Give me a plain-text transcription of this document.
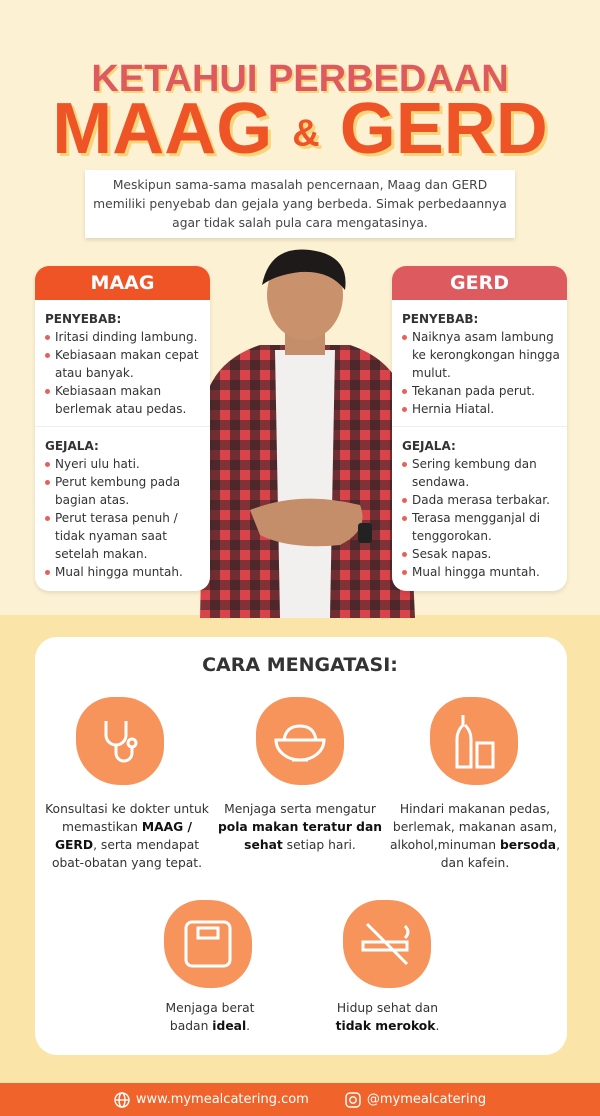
KETAHUI PERBEDAAN
MAAG & GERD
Meskipun sama-sama masalah pencernaan, Maag dan GERD memiliki penyebab dan gejala yang berbeda. Simak perbedaannya agar tidak salah pula cara mengatasinya.
MAAG
PENYEBAB:
Iritasi dinding lambung.
Kebiasaan makan cepat atau banyak.
Kebiasaan makan berlemak atau pedas.
GEJALA:
Nyeri ulu hati.
Perut kembung pada bagian atas.
Perut terasa penuh / tidak nyaman saat setelah makan.
Mual hingga muntah.
GERD
PENYEBAB:
Naiknya asam lambung ke kerongkongan hingga mulut.
Tekanan pada perut.
Hernia Hiatal.
GEJALA:
Sering kembung dan sendawa.
Dada merasa terbakar.
Terasa mengganjal di tenggorokan.
Sesak napas.
Mual hingga muntah.
CARA MENGATASI:
Konsultasi ke dokter untuk memastikan MAAG / GERD, serta mendapat obat-obatan yang tepat.
Menjaga serta mengatur pola makan teratur dan sehat setiap hari.
Hindari makanan pedas, berlemak, makanan asam, alkohol,minuman bersoda, dan kafein.
Menjaga berat badan ideal.
Hidup sehat dan tidak merokok.
www.mymealcatering.com	@mymealcatering
